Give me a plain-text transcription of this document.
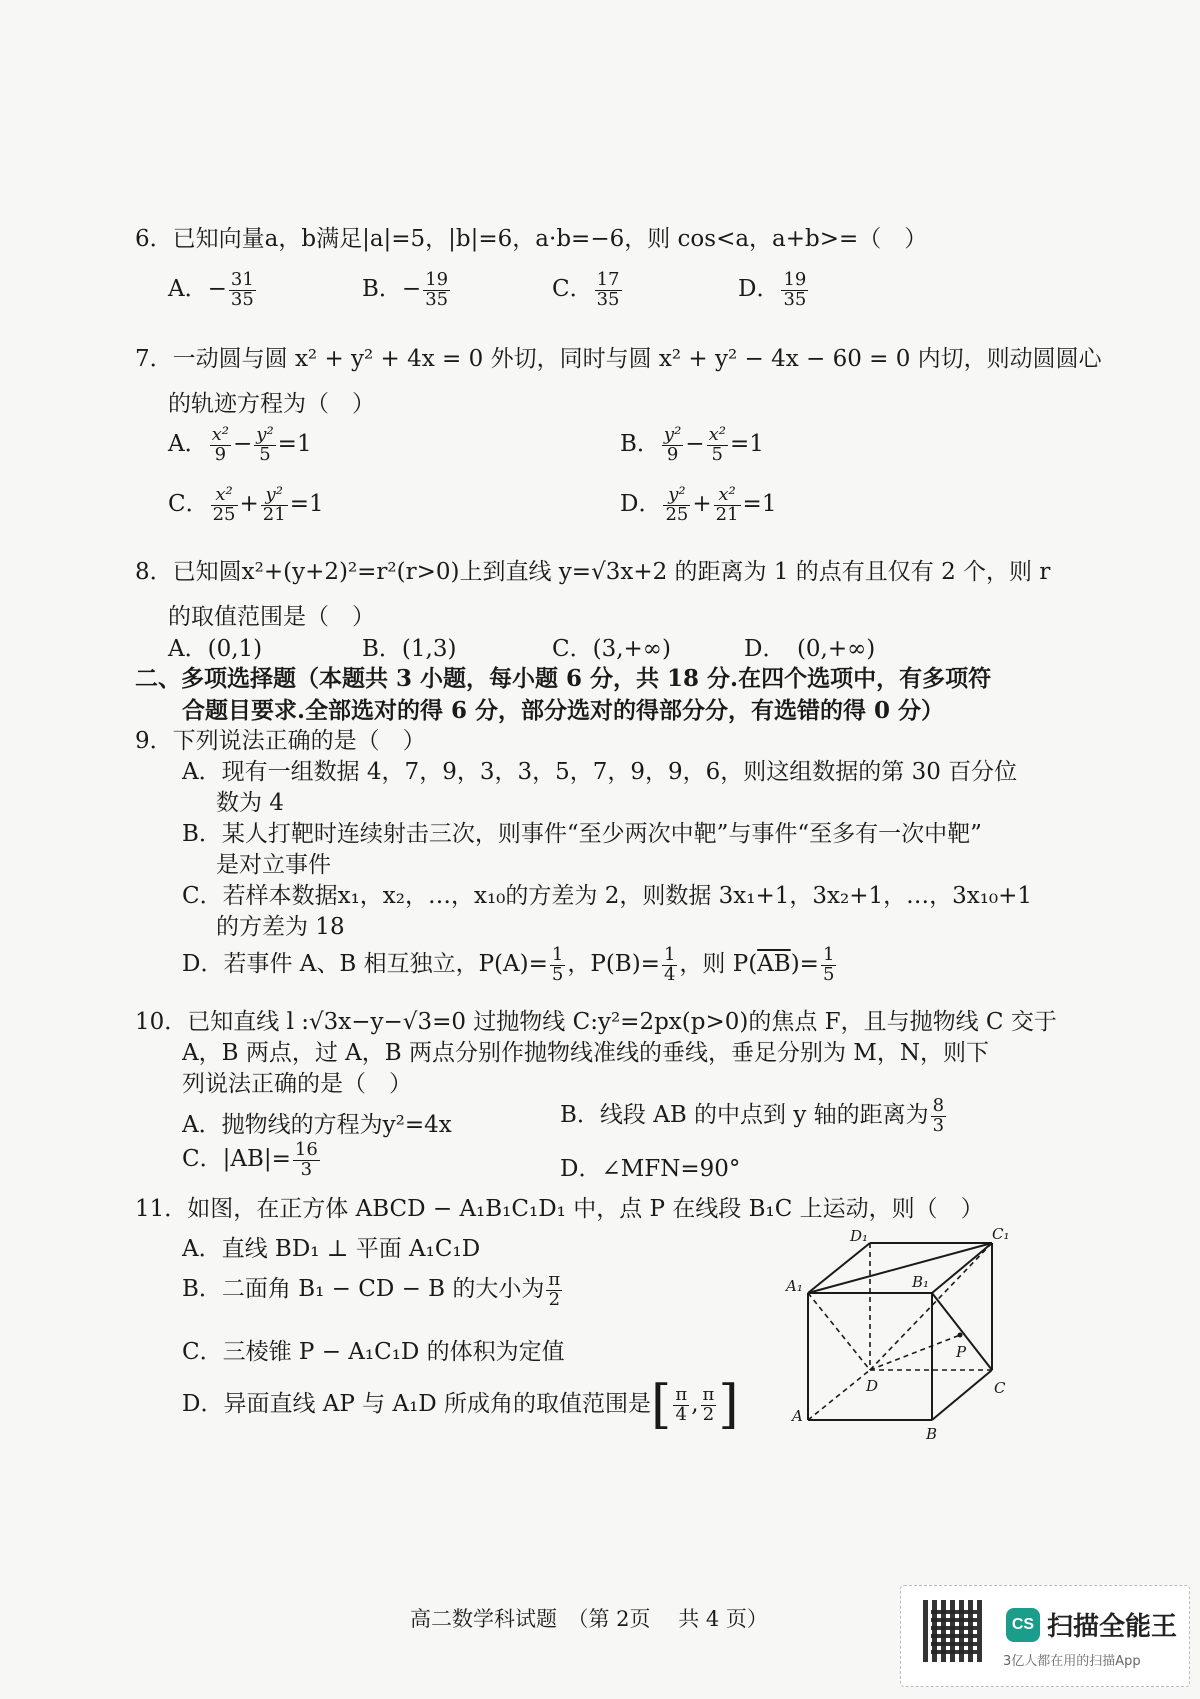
6．已知向量a，b满足|a|=5，|b|=6，a·b=−6，则 cos<a，a+b>=（　）
A．− $\frac{31}{35}$	B．− $\frac{19}{35}$	C． $\frac{17}{35}$	D． $\frac{19}{35}$
7．一动圆与圆 x² + y² + 4x = 0 外切，同时与圆 x² + y² − 4x − 60 = 0 内切，则动圆圆心
的轨迹方程为（　）
A． $\frac{\text{x²}}{9} - \frac{\text{y²}}{5} =1$	B． $\frac{\text{y²}}{9} - \frac{\text{x²}}{5} =1$
C． $\frac{\text{x²}}{25} + \frac{\text{y²}}{21} =1$	D． $\frac{\text{y²}}{25} + \frac{\text{x²}}{21} =1$
8．已知圆x²+(y+2)²=r²(r>0)上到直线 y=√3x+2 的距离为 1 的点有且仅有 2 个，则 r
的取值范围是（　）
A．(0,1)	B．(1,3)	C．(3,+∞)	D．　(0,+∞)
二、多项选择题（本题共 3 小题，每小题 6 分，共 18 分.在四个选项中，有多项符
合题目要求.全部选对的得 6 分，部分选对的得部分分，有选错的得 0 分）
9．下列说法正确的是（　）
A．现有一组数据 4，7，9，3，3，5，7，9，9，6，则这组数据的第 30 百分位
数为 4
B．某人打靶时连续射击三次，则事件“至少两次中靶”与事件“至多有一次中靶”
是对立事件
C．若样本数据x₁，x₂，…，x₁₀的方差为 2，则数据 3x₁+1，3x₂+1，…，3x₁₀+1
的方差为 18
D．若事件 A、B 相互独立，$P(A)= \frac{1}{5}$ ，$P(B)= \frac{1}{4}$ ，则 $P(\overline{AB})= \frac{1}{5}$
10．已知直线 l :√3x−y−√3=0 过抛物线 C:y²=2px(p>0)的焦点 F，且与抛物线 C 交于
A，B 两点，过 A，B 两点分别作抛物线准线的垂线，垂足分别为 M，N，则下
列说法正确的是（　）
A．抛物线的方程为y²=4x	B．线段 AB 的中点到 y 轴的距离为 $\frac{8}{3}$
C．$|AB|= \frac{16}{3}$	D．∠MFN=90°
11．如图，在正方体 ABCD − A₁B₁C₁D₁ 中，点 P 在线段 B₁C 上运动，则（　）
A．直线 BD₁ ⊥ 平面 A₁C₁D
B．二面角 B₁ − CD − B 的大小为 $\frac{\pi}{2}$
C．三棱锥 P − A₁C₁D 的体积为定值
D．异面直线 AP 与 A₁D 所成角的取值范围是[ $\frac{\pi}{4}$ , $\frac{\pi}{2}$ ]
D₁	C₁
A₁	B₁
P
D	C
A
B
高二数学科试题　（第 2页　 共 4 页）	CS 扫描全能王
3亿人都在用的扫描App
